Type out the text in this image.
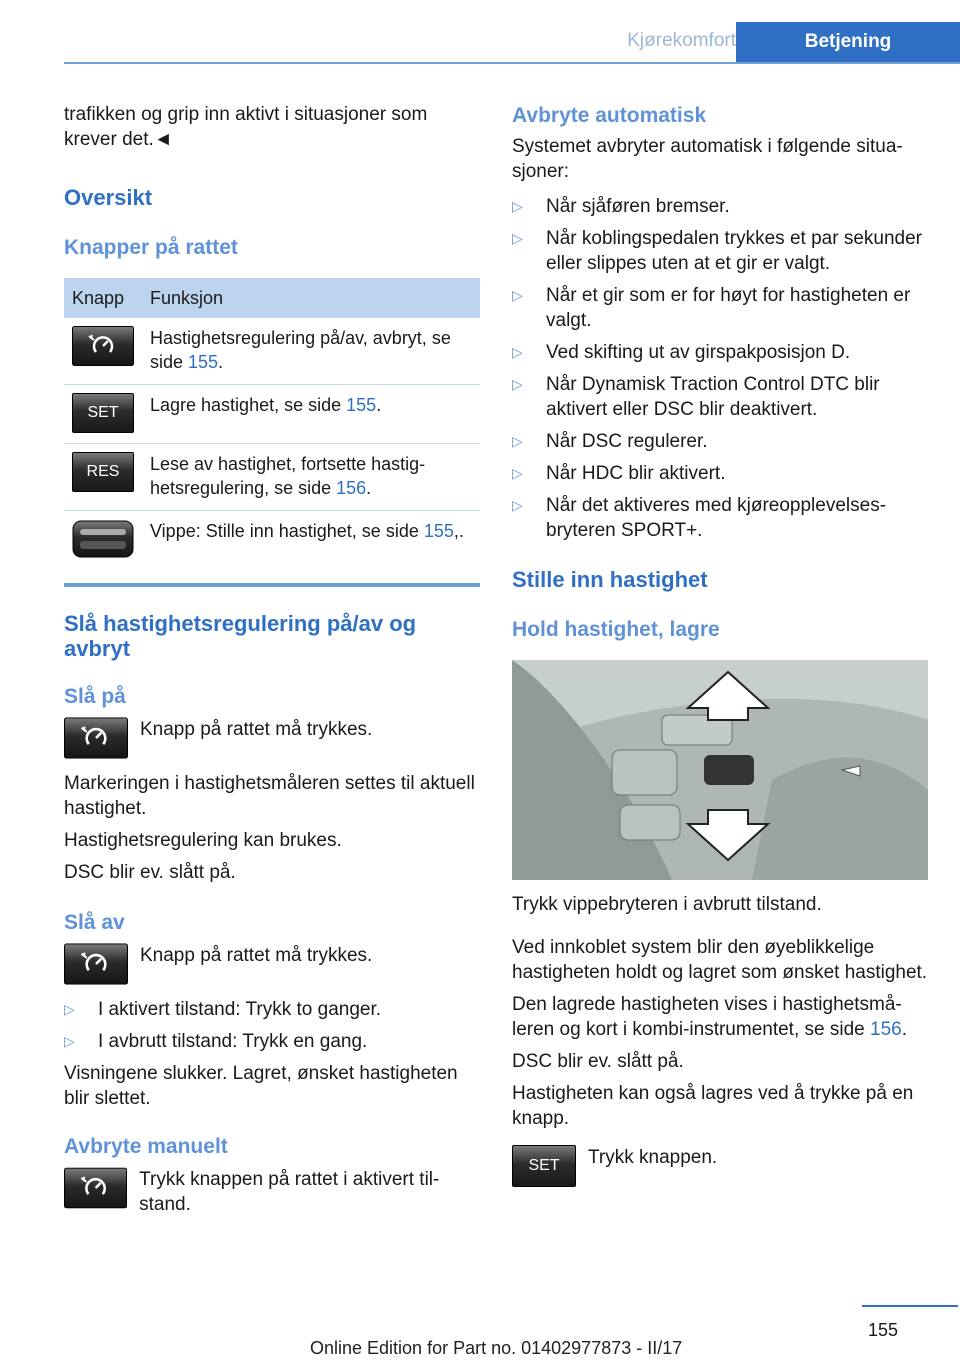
Kjørekomfort	Betjening

trafikken og grip inn aktivt i situasjoner som krever det.◄

Oversikt
Knapper på rattet
Knapp	Funksjon
	Hastighetsregulering på/av, avbryt, se side 155.
SET	Lagre hastighet, se side 155.
RES	Lese av hastighet, fortsette hastighetsregulering, se side 156.
	Vippe: Stille inn hastighet, se side 155,.
Slå hastighetsregulering på/av og avbryt
Slå på

Knapp på rattet må trykkes.

Markeringen i hastighetsmåleren settes til aktuell hastighet.

Hastighetsregulering kan brukes.

DSC blir ev. slått på.

Slå av

Knapp på rattet må trykkes.

▷ I aktivert tilstand: Trykk to ganger.
▷ I avbrutt tilstand: Trykk en gang.

Visningene slukker. Lagret, ønsket hastigheten blir slettet.

Avbryte manuelt

Trykk knappen på rattet i aktivert tilstand.

Avbryte automatisk

Systemet avbryter automatisk i følgende situasjoner:

▷ Når sjåføren bremser.
▷ Når koblingspedalen trykkes et par sekunder eller slippes uten at et gir er valgt.
▷ Når et gir som er for høyt for hastigheten er valgt.
▷ Ved skifting ut av girspakposisjon D.
▷ Når Dynamisk Traction Control DTC blir aktivert eller DSC blir deaktivert.
▷ Når DSC regulerer.
▷ Når HDC blir aktivert.
▷ Når det aktiveres med kjøreopplevelsesbryteren SPORT+.
Stille inn hastighet
Hold hastighet, lagre

Trykk vippebryteren i avbrutt tilstand.

Ved innkoblet system blir den øyeblikkelige hastigheten holdt og lagret som ønsket hastighet.

Den lagrede hastigheten vises i hastighetsmåleren og kort i kombi-instrumentet, se side 156.

DSC blir ev. slått på.

Hastigheten kan også lagres ved å trykke på en knapp.

SET	Trykk knappen.

155
Online Edition for Part no. 01402977873 - II/17
